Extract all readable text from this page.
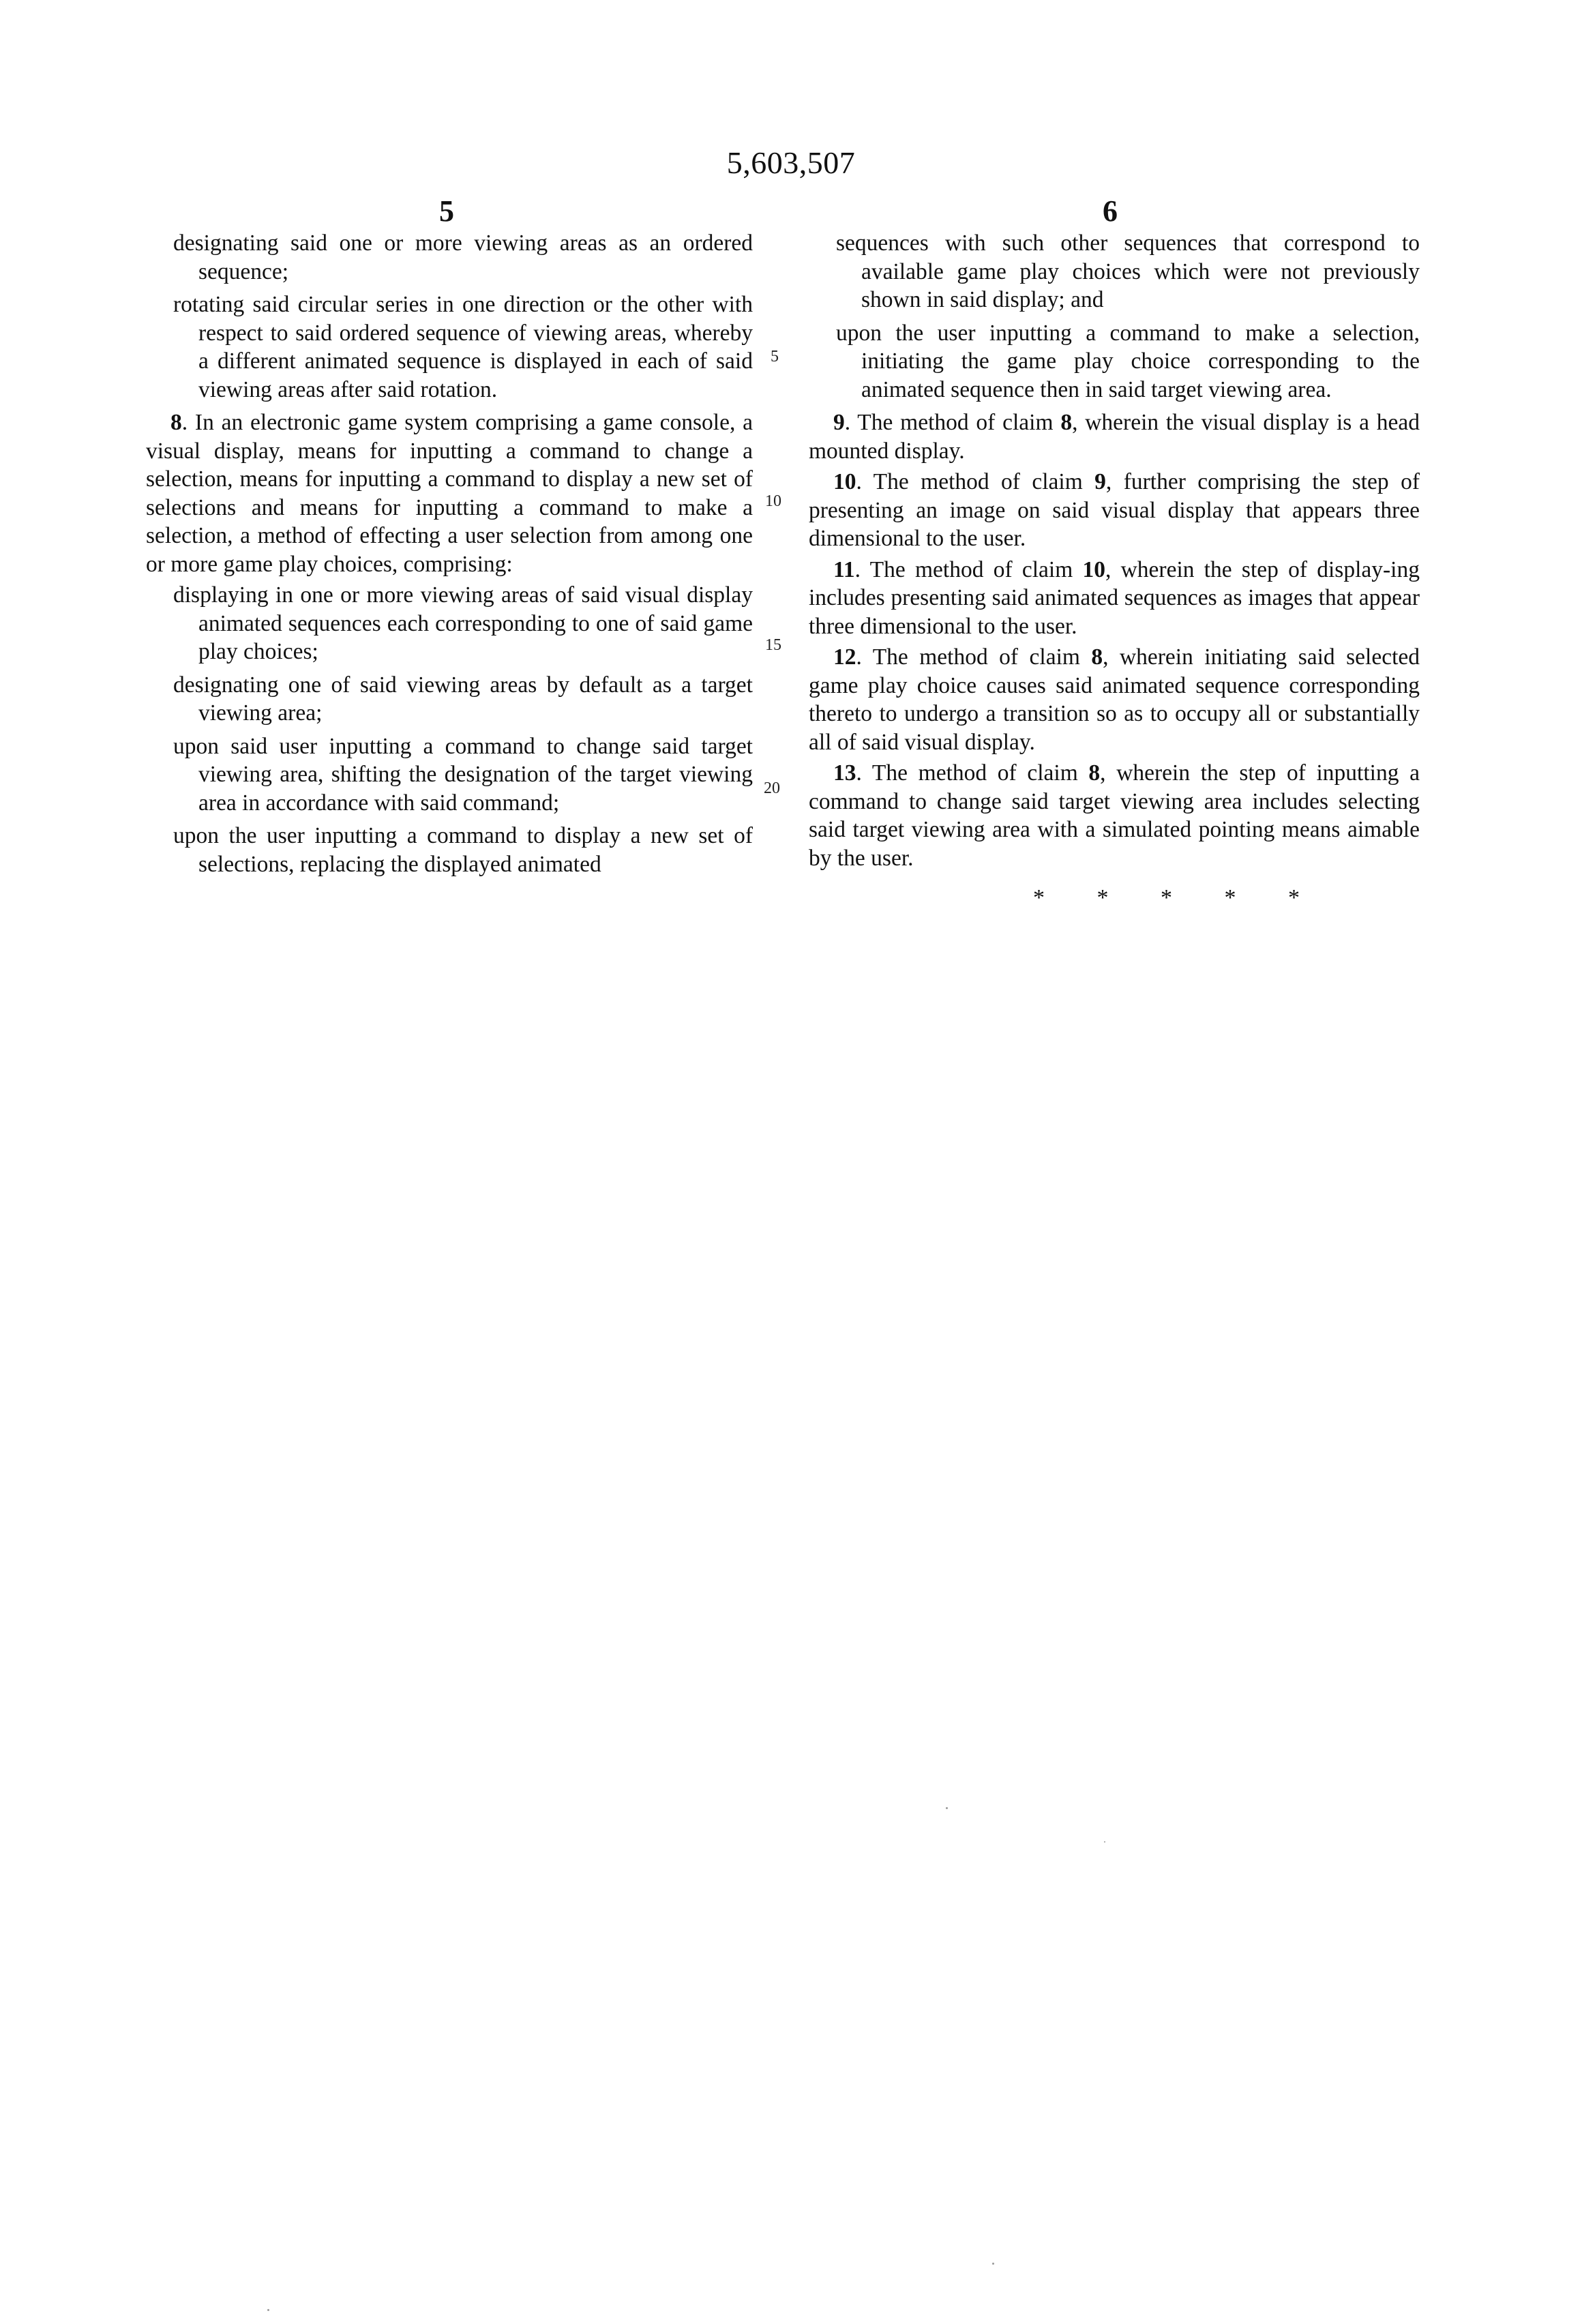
5,603,507
5	6

designating said one or more viewing areas as an ordered sequence;

rotating said circular series in one direction or the other with respect to said ordered sequence of viewing areas, whereby a different animated sequence is displayed in each of said viewing areas after said rotation.

8. In an electronic game system comprising a game console, a visual display, means for inputting a command to change a selection, means for inputting a command to display a new set of selections and means for inputting a command to make a selection, a method of effecting a user selection from among one or more game play choices, comprising:

displaying in one or more viewing areas of said visual display animated sequences each corresponding to one of said game play choices;

designating one of said viewing areas by default as a target viewing area;

upon said user inputting a command to change said target viewing area, shifting the designation of the target viewing area in accordance with said command;

upon the user inputting a command to display a new set of selections, replacing the displayed animated

sequences with such other sequences that correspond to available game play choices which were not previously shown in said display; and

upon the user inputting a command to make a selection, initiating the game play choice corresponding to the animated sequence then in said target viewing area.

9. The method of claim 8, wherein the visual display is a head mounted display.

10. The method of claim 9, further comprising the step of presenting an image on said visual display that appears three dimensional to the user.

11. The method of claim 10, wherein the step of display-ing includes presenting said animated sequences as images that appear three dimensional to the user.

12. The method of claim 8, wherein initiating said selected game play choice causes said animated sequence corresponding thereto to undergo a transition so as to occupy all or substantially all of said visual display.

13. The method of claim 8, wherein the step of inputting a command to change said target viewing area includes selecting said target viewing area with a simulated pointing means aimable by the user.

5
10
15
20
* * * * *
